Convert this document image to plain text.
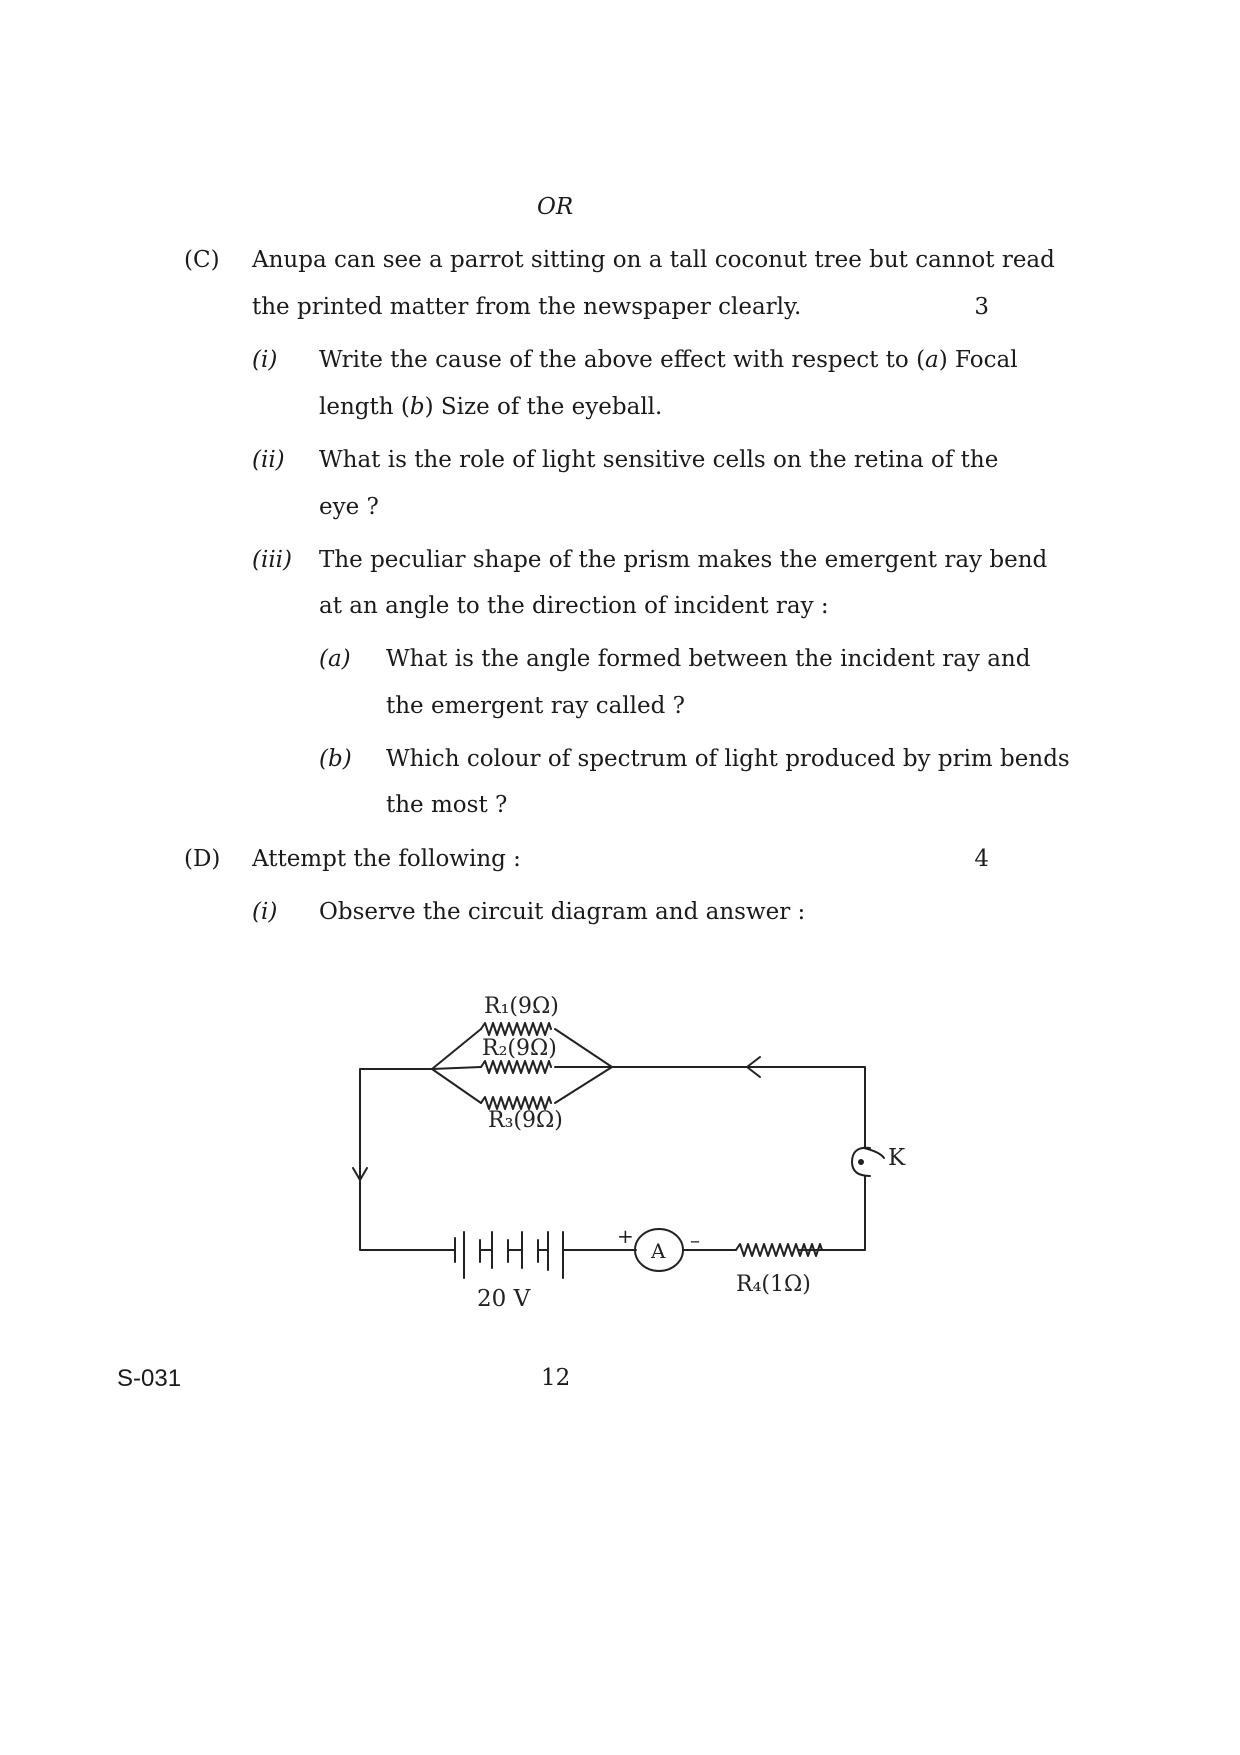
OR
(C) Anupa can see a parrot sitting on a tall coconut tree but cannot read
the printed matter from the newspaper clearly.	3
(i) Write the cause of the above effect with respect to (a) Focal
length (b) Size of the eyeball.
(ii) What is the role of light sensitive cells on the retina of the
eye ?
(iii) The peculiar shape of the prism makes the emergent ray bend
at an angle to the direction of incident ray :
(a) What is the angle formed between the incident ray and
the emergent ray called ?
(b) Which colour of spectrum of light produced by prim bends
the most ?
(D) Attempt the following :	4
(i) Observe the circuit diagram and answer :
R₁(9Ω)
R₂(9Ω)
R₃(9Ω)
R₄(1Ω)
K
A
+	–
20 V
S-031	12
